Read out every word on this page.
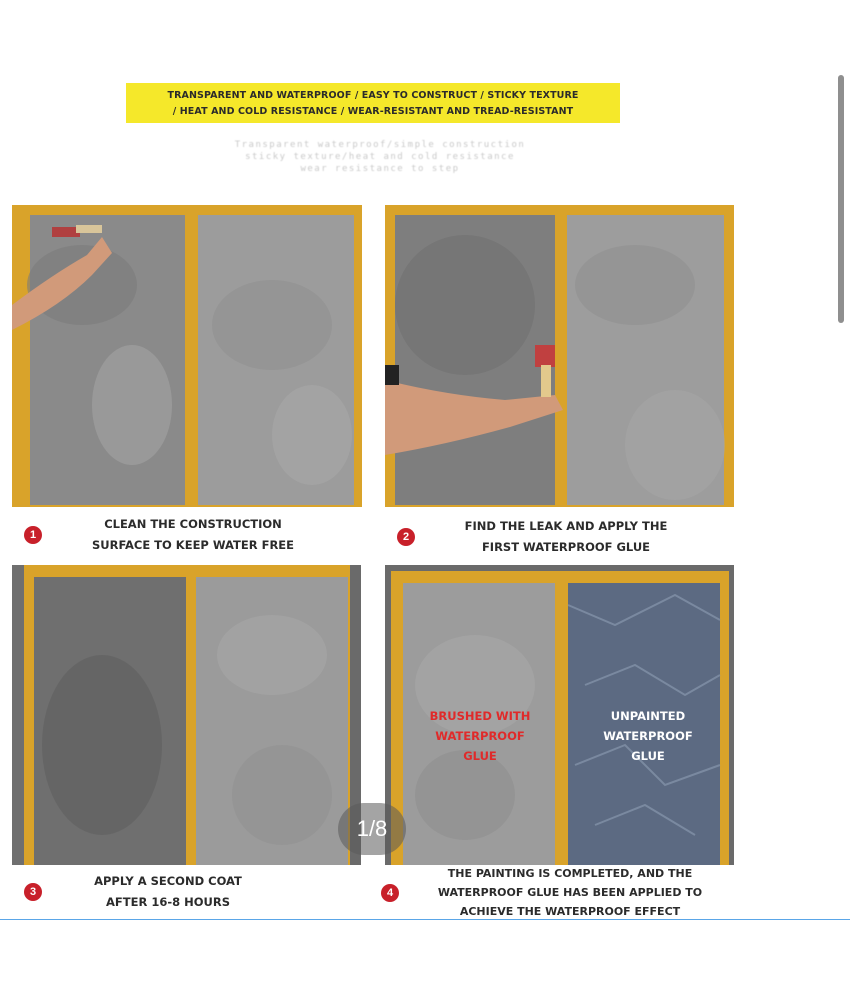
TRANSPARENT AND WATERPROOF / EASY TO CONSTRUCT / STICKY TEXTURE
/ HEAT AND COLD RESISTANCE / WEAR-RESISTANT AND TREAD-RESISTANT
Transparent waterproof/simple construction
sticky texture/heat and cold resistance
wear resistance to step
BRUSHED WITH
WATERPROOF
GLUE
UNPAINTED
WATERPROOF
GLUE
1
CLEAN THE CONSTRUCTION
SURFACE TO KEEP WATER FREE
2
FIND THE LEAK AND APPLY THE
FIRST WATERPROOF GLUE
3
APPLY A SECOND COAT
AFTER 16-8 HOURS
4
THE PAINTING IS COMPLETED, AND THE
WATERPROOF GLUE HAS BEEN APPLIED TO
ACHIEVE THE WATERPROOF EFFECT
1/8
